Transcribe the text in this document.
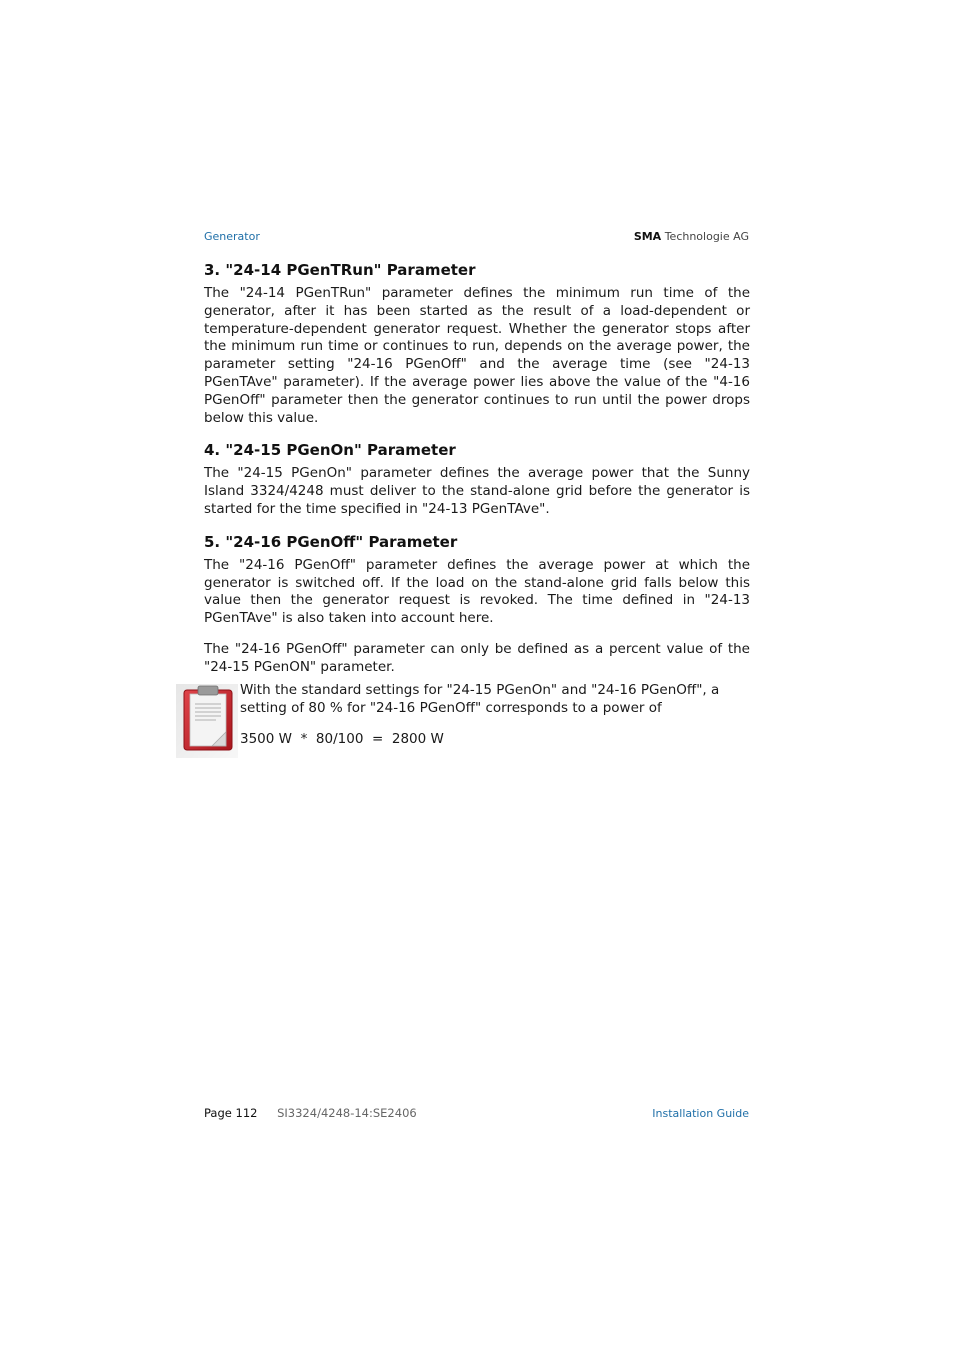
Generator	SMA Technologie AG
3. "24-14 PGenTRun" Parameter

The "24-14 PGenTRun" parameter defines the minimum run time of the generator, after it has been started as the result of a load-dependent or temperature-dependent generator request. Whether the generator stops after the minimum run time or continues to run, depends on the average power, the parameter setting "24-16 PGenOff" and the average time (see "24-13 PGenTAve" parameter). If the average power lies above the value of the "4-16 PGenOff" parameter then the generator continues to run until the power drops below this value.

4. "24-15 PGenOn" Parameter

The "24-15 PGenOn" parameter defines the average power that the Sunny Island 3324/4248 must deliver to the stand-alone grid before the generator is started for the time specified in "24-13 PGenTAve".

5. "24-16 PGenOff" Parameter

The "24-16 PGenOff" parameter defines the average power at which the generator is switched off. If the load on the stand-alone grid falls below this value then the generator request is revoked. The time defined in "24-13 PGenTAve" is also taken into account here.

The "24-16 PGenOff" parameter can only be defined as a percent value of the "24-15 PGenON" parameter.

With the standard settings for "24-15 PGenOn" and "24-16 PGenOff", a setting of 80 % for "24-16 PGenOff" corresponds to a power of

3500 W  *  80/100  =  2800 W

Page 112 SI3324/4248-14:SE2406	Installation Guide
